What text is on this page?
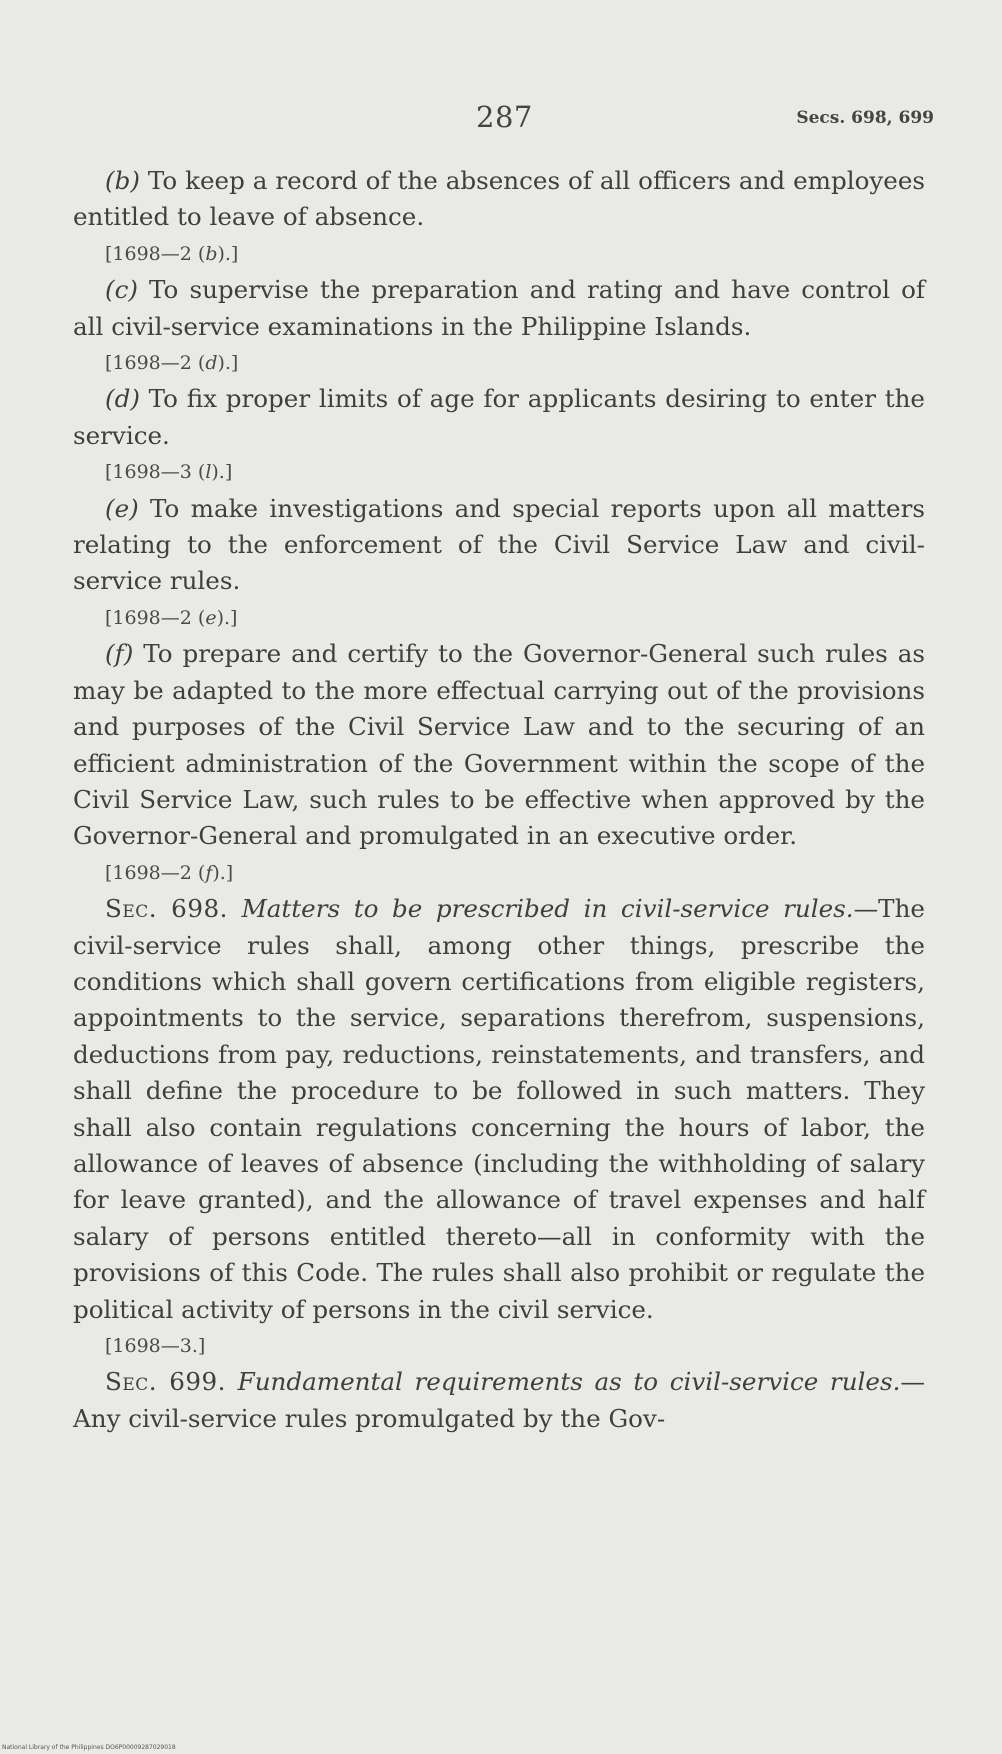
287	Secs. 698, 699

(b) To keep a record of the absences of all officers and employees entitled to leave of absence.

[1698—2 (b).]

(c) To supervise the preparation and rating and have control of all civil-service examinations in the Philippine Islands.

[1698—2 (d).]

(d) To fix proper limits of age for applicants desiring to enter the service.

[1698—3 (l).]

(e) To make investigations and special reports upon all matters relating to the enforcement of the Civil Service Law and civil-service rules.

[1698—2 (e).]

(f) To prepare and certify to the Governor-General such rules as may be adapted to the more effectual carrying out of the provisions and purposes of the Civil Service Law and to the securing of an efficient administration of the Government within the scope of the Civil Service Law, such rules to be effective when approved by the Governor-General and promulgated in an executive order.

[1698—2 (f).]

Sec. 698. Matters to be prescribed in civil-service rules.—The civil-service rules shall, among other things, prescribe the conditions which shall govern certifications from eligible registers, appointments to the service, separations therefrom, suspensions, deductions from pay, reductions, reinstatements, and transfers, and shall define the procedure to be followed in such matters. They shall also contain regulations concerning the hours of labor, the allowance of leaves of absence (including the withholding of salary for leave granted), and the allowance of travel expenses and half salary of persons entitled thereto—all in conformity with the provisions of this Code. The rules shall also prohibit or regulate the political activity of persons in the civil service.

[1698—3.]

Sec. 699. Fundamental requirements as to civil-service rules.—Any civil-service rules promulgated by the Gov-

National Library of the Philippines DO6P00009287029018
